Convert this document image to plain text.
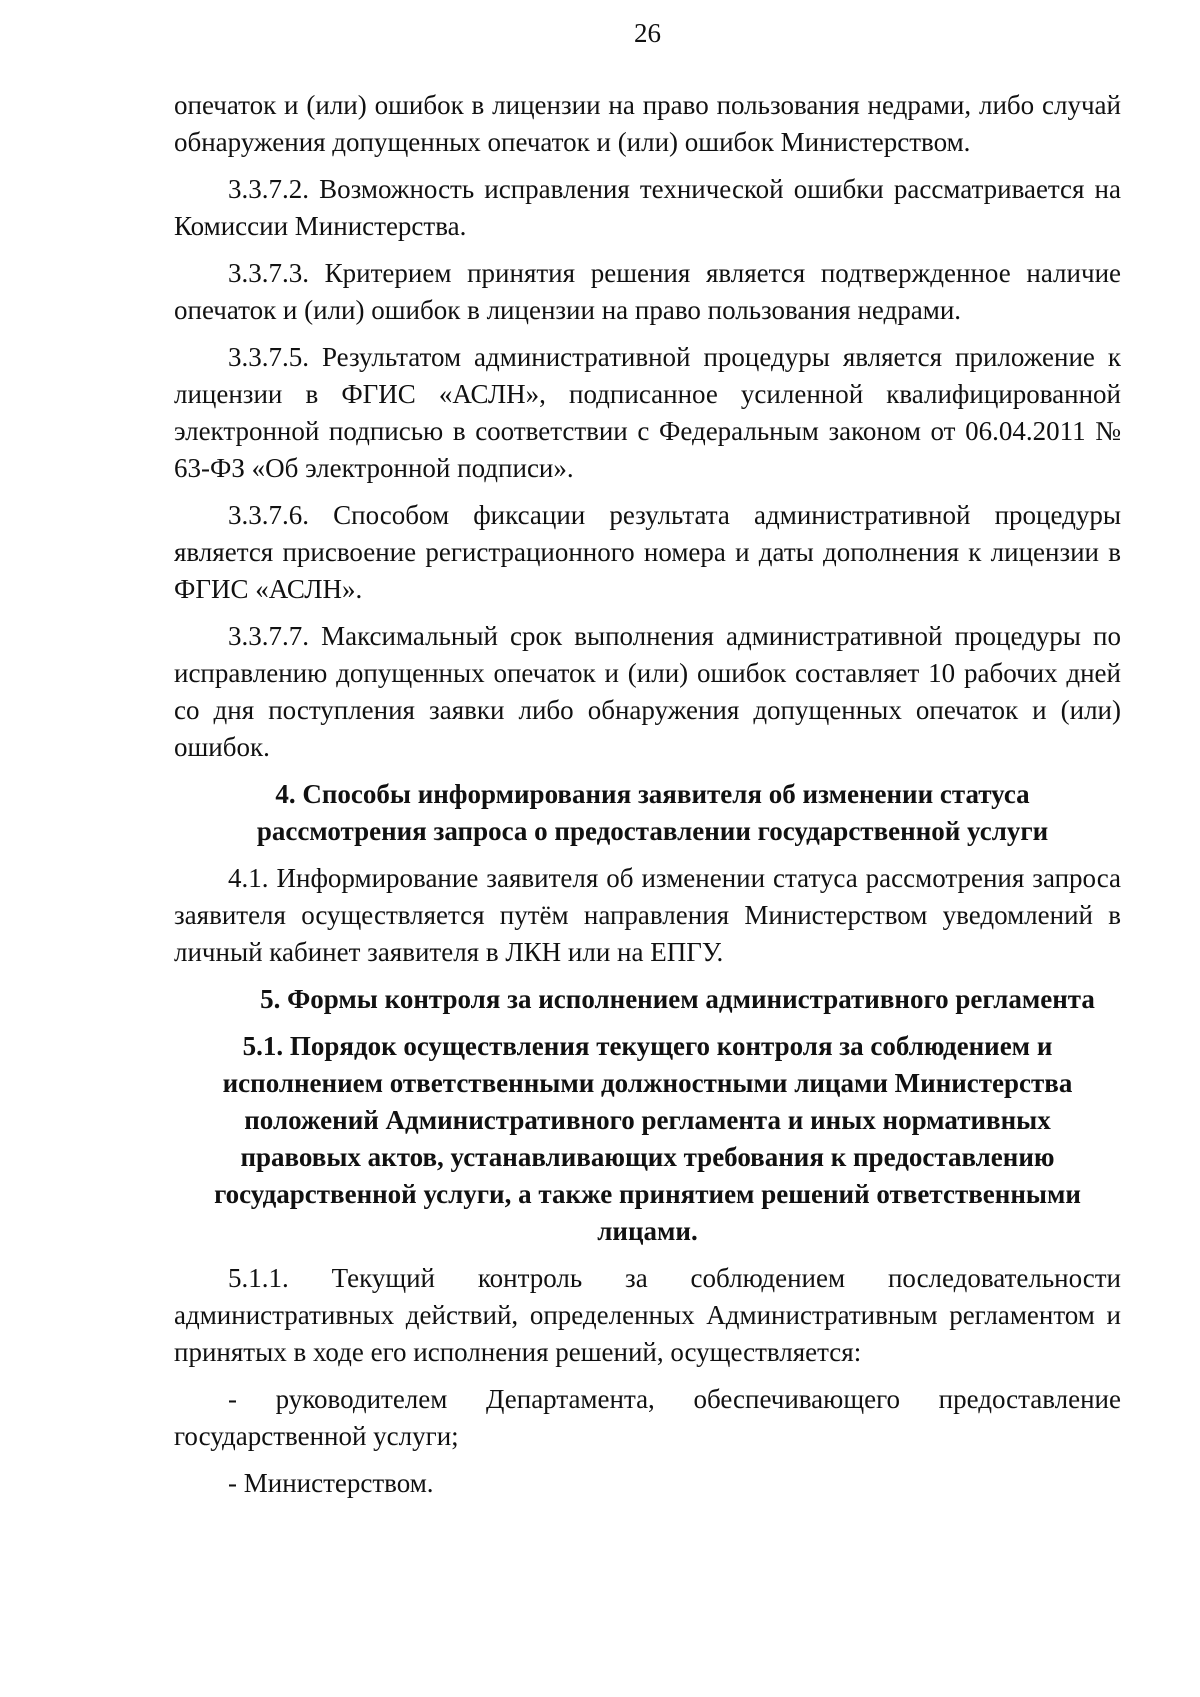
26

опечаток и (или) ошибок в лицензии на право пользования недрами, либо случай обнаружения допущенных опечаток и (или) ошибок Министерством.

3.3.7.2. Возможность исправления технической ошибки рассматривается на Комиссии Министерства.

3.3.7.3. Критерием принятия решения является подтвержденное наличие опечаток и (или) ошибок в лицензии на право пользования недрами.

3.3.7.5. Результатом административной процедуры является приложение к лицензии в ФГИС «АСЛН», подписанное усиленной квалифицированной электронной подписью в соответствии с Федеральным законом от 06.04.2011 № 63-ФЗ «Об электронной подписи».

3.3.7.6. Способом фиксации результата административной процедуры является присвоение регистрационного номера и даты дополнения к лицензии в ФГИС «АСЛН».

3.3.7.7. Максимальный срок выполнения административной процедуры по исправлению допущенных опечаток и (или) ошибок составляет 10 рабочих дней со дня поступления заявки либо обнаружения допущенных опечаток и (или) ошибок.

4. Способы информирования заявителя об изменении статуса рассмотрения запроса о предоставлении государственной услуги

4.1. Информирование заявителя об изменении статуса рассмотрения запроса заявителя осуществляется путём направления Министерством уведомлений в личный кабинет заявителя в ЛКН или на ЕПГУ.

5. Формы контроля за исполнением административного регламента
5.1. Порядок осуществления текущего контроля за соблюдением и исполнением ответственными должностными лицами Министерства положений Административного регламента и иных нормативных правовых актов, устанавливающих требования к предоставлению государственной услуги, а также принятием решений ответственными лицами.

5.1.1. Текущий контроль за соблюдением последовательности административных действий, определенных Административным регламентом и принятых в ходе его исполнения решений, осуществляется:

- руководителем Департамента, обеспечивающего предоставление государственной услуги;

- Министерством.
